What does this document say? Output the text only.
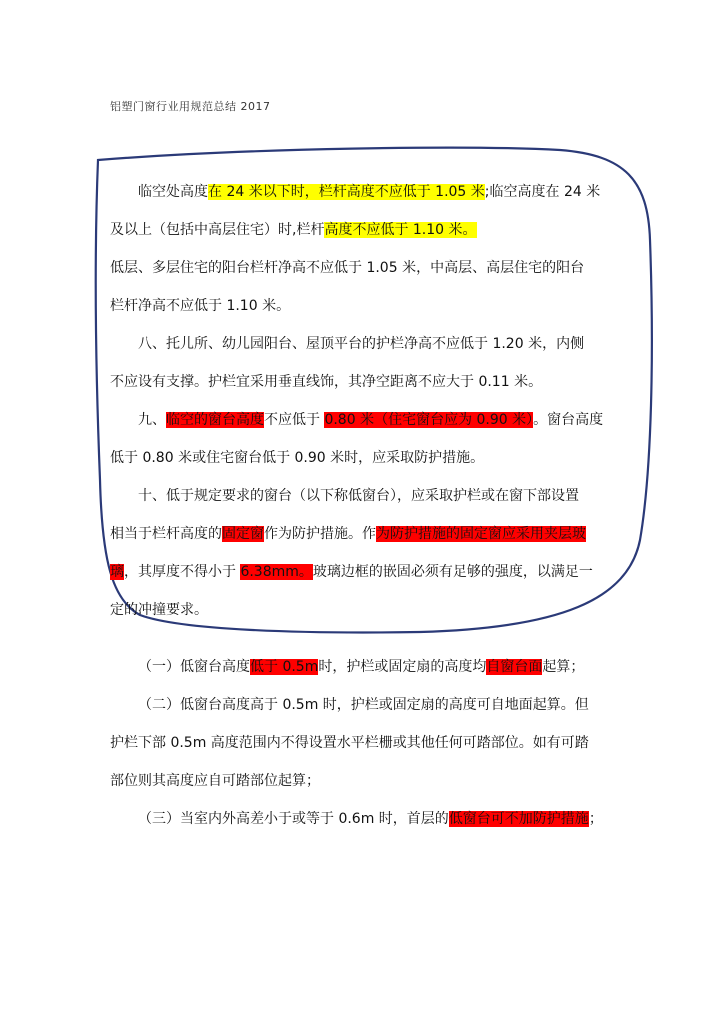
铝塑门窗行业用规范总结 2017
临空处高度在 24 米以下时，栏杆高度不应低于 1.05 米;临空高度在 24 米
及以上（包括中高层住宅）时,栏杆高度不应低于 1.10 米。
低层、多层住宅的阳台栏杆净高不应低于 1.05 米，中高层、高层住宅的阳台
栏杆净高不应低于 1.10 米。
八、托儿所、幼儿园阳台、屋顶平台的护栏净高不应低于 1.20 米，内侧
不应设有支撑。护栏宜采用垂直线饰，其净空距离不应大于 0.11 米。
九、临空的窗台高度不应低于 0.80 米（住宅窗台应为 0.90 米）。窗台高度
低于 0.80 米或住宅窗台低于 0.90 米时，应采取防护措施。
十、低于规定要求的窗台（以下称低窗台），应采取护栏或在窗下部设置
相当于栏杆高度的固定窗作为防护措施。作为防护措施的固定窗应采用夹层玻
璃，其厚度不得小于 6.38mm。玻璃边框的嵌固必须有足够的强度，以满足一
定的冲撞要求。
（一）低窗台高度低于 0.5m时，护栏或固定扇的高度均自窗台面起算；
（二）低窗台高度高于 0.5m 时，护栏或固定扇的高度可自地面起算。但
护栏下部 0.5m 高度范围内不得设置水平栏栅或其他任何可踏部位。如有可踏
部位则其高度应自可踏部位起算；
（三）当室内外高差小于或等于 0.6m 时，首层的低窗台可不加防护措施；
